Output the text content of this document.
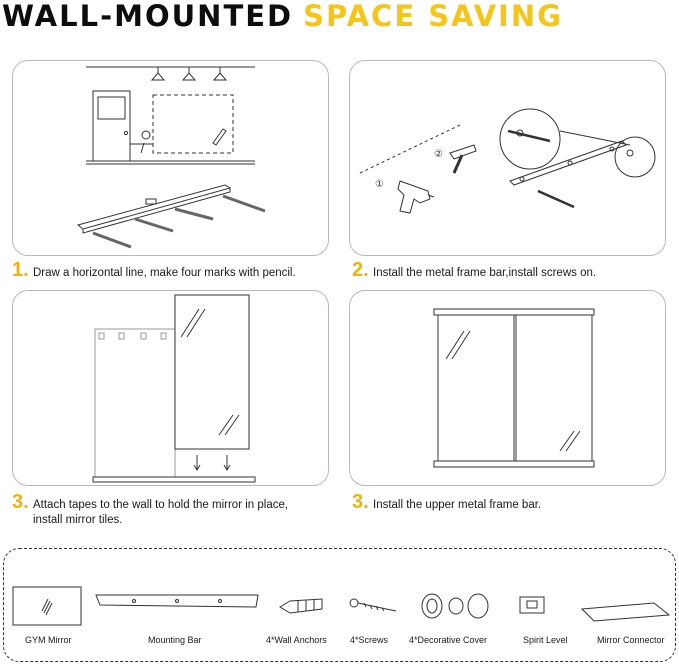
WALL-MOUNTED SPACE SAVING
①
②
1. Draw a horizontal line, make four marks with pencil.	2. Install the metal frame bar,install screws on.
3. Attach tapes to the wall to hold the mirror in place,
install mirror tiles.
3. Install the upper metal frame bar.
GYM Mirror	Mounting Bar	4*Wall Anchors	4*Screws 4*Decorative Cover	Spirit Level	Mirror Connector
